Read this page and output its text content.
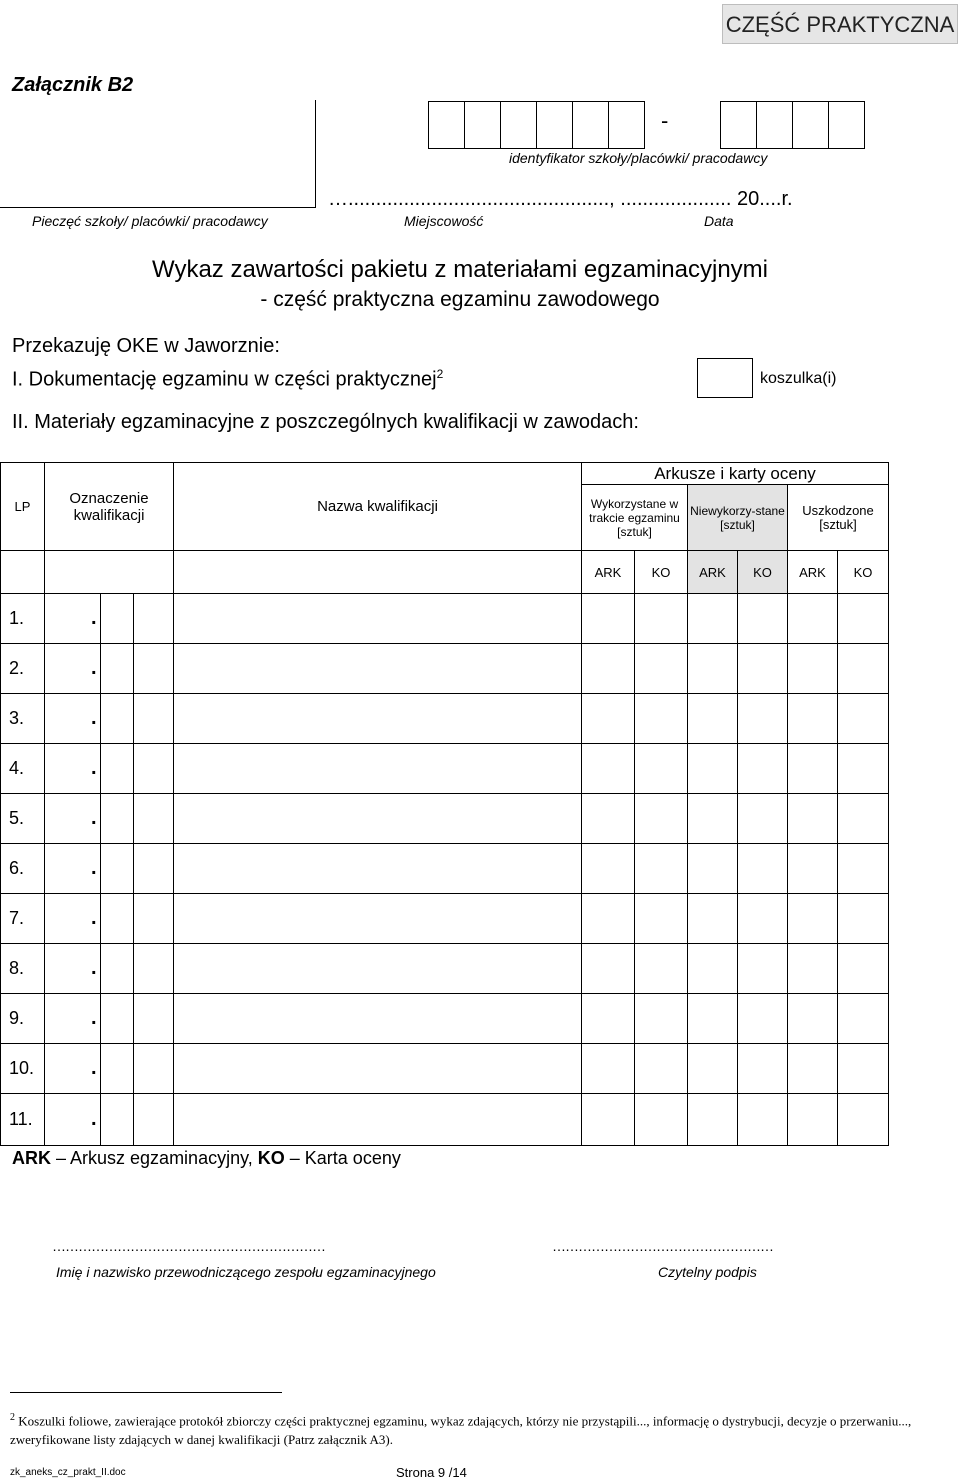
CZĘŚĆ PRAKTYCZNA
Załącznik B2
Pieczęć szkoły/ placówki/ pracodawcy
-
identyfikator szkoły/placówki/ pracodawcy
…..............................................., .................... 20....r.
Miejscowość	Data
Wykaz zawartości pakietu z materiałami egzaminacyjnymi
- część praktyczna egzaminu zawodowego
Przekazuję OKE w Jaworznie:
I. Dokumentację egzaminu w części praktycznej$^2$	koszulka(i)
II. Materiały egzaminacyjne z poszczególnych kwalifikacji w zawodach:
LP	Oznaczenie kwalifikacji			Nazwa kwalifikacji	Arkusze i karty oceny					
					Wykorzystane w trakcie egzaminu [sztuk]		Niewykorzy-stane [sztuk]		Uszkodzone [sztuk]	
					ARK	KO	ARK	KO	ARK	KO
1.	.									
2.	.									
3.	.									
4.	.									
5.	.									
6.	.									
7.	.									
8.	.									
9.	.									
10.	.									
11.	.									
ARK – Arkusz egzaminacyjny, KO – Karta oceny
………………………………………………………	……………………………………………
Imię i nazwisko przewodniczącego zespołu egzaminacyjnego	Czytelny podpis
$^2$ Koszulki foliowe, zawierające protokół zbiorczy części praktycznej egzaminu, wykaz zdających, którzy nie przystąpili..., informację o dystrybucji, decyzje o przerwaniu..., zweryfikowane listy zdających w danej kwalifikacji (Patrz załącznik A3).
zk_aneks_cz_prakt_II.doc	Strona 9 /14
